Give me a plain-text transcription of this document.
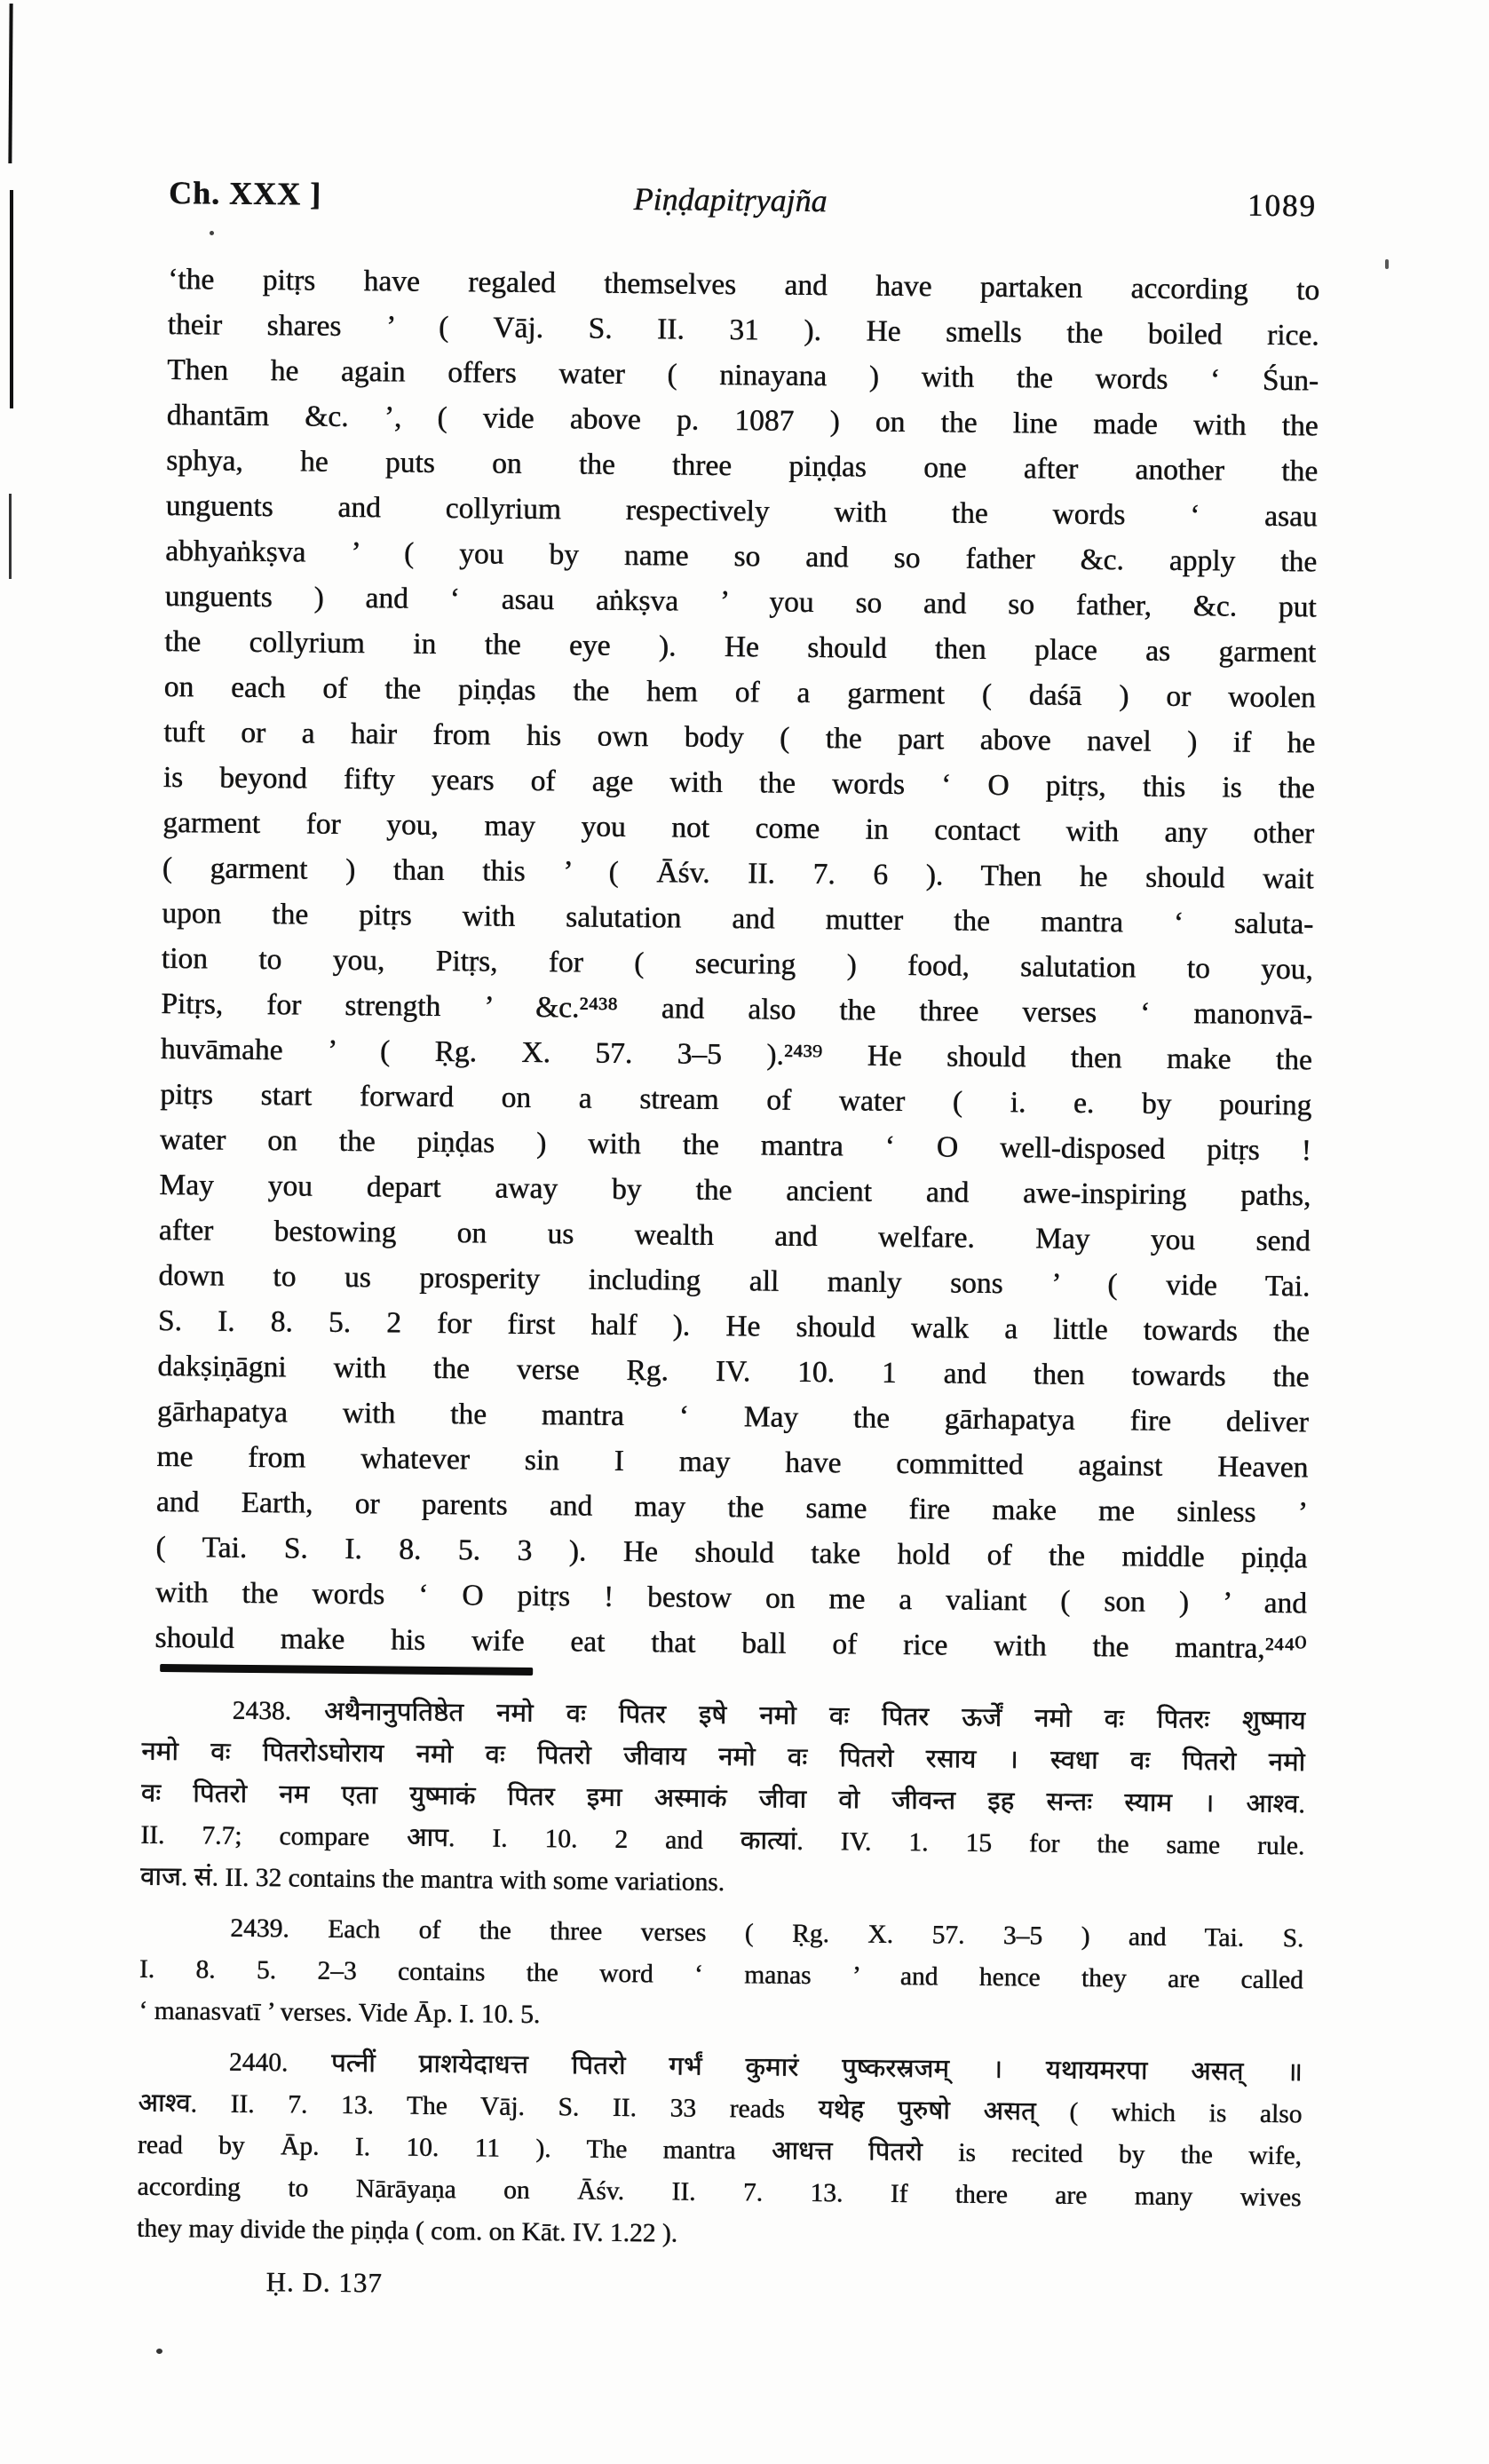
Ch. XXX ]	Piṇḍapitṛyajña	1089
‘the pitṛs have regaled themselves and have partaken according to
their shares ’ ( Vāj. S. II. 31 ). He smells the boiled rice.
Then he again offers water ( ninayana ) with the words ‘ Śun-
dhantām &c. ’, ( vide above p. 1087 ) on the line made with the
sphya, he puts on the three piṇḍas one after another the
unguents and collyrium respectively with the words ‘ asau
abhyaṅkṣva ’ ( you by name so and so father &c. apply the
unguents ) and ‘ asau aṅkṣva ’ you so and so father, &c. put
the collyrium in the eye ). He should then place as garment
on each of the piṇḍas the hem of a garment ( daśā ) or woolen
tuft or a hair from his own body ( the part above navel ) if he
is beyond fifty years of age with the words ‘ O pitṛs, this is the
garment for you, may you not come in contact with any other
( garment ) than this ’ ( Āśv. II. 7. 6 ). Then he should wait
upon the pitṛs with salutation and mutter the mantra ‘ saluta-
tion to you, Pitṛs, for ( securing ) food, salutation to you,
Pitṛs, for strength ’ &c.²⁴³⁸ and also the three verses ‘ manonvā-
huvāmahe ’ ( Ṛg. X. 57. 3–5 ).²⁴³⁹ He should then make the
pitṛs start forward on a stream of water ( i. e. by pouring
water on the piṇḍas ) with the mantra ‘ O well-disposed pitṛs !
May you depart away by the ancient and awe-inspiring paths,
after bestowing on us wealth and welfare. May you send
down to us prosperity including all manly sons ’ ( vide Tai.
S. I. 8. 5. 2 for first half ). He should walk a little towards the
dakṣiṇāgni with the verse Ṛg. IV. 10. 1 and then towards the
gārhapatya with the mantra ‘ May the gārhapatya fire deliver
me from whatever sin I may have committed against Heaven
and Earth, or parents and may the same fire make me sinless ’
( Tai. S. I. 8. 5. 3 ). He should take hold of the middle piṇḍa
with the words ‘ O pitṛs ! bestow on me a valiant ( son ) ’ and
should make his wife eat that ball of rice with the mantra,²⁴⁴⁰
2438. अथैनानुपतिष्ठेत नमो वः पितर इषे नमो वः पितर ऊर्जें नमो वः पितरः शुष्माय
नमो वः पितरोऽघोराय नमो वः पितरो जीवाय नमो वः पितरो रसाय । स्वधा वः पितरो नमो
वः पितरो नम एता युष्माकं पितर इमा अस्माकं जीवा वो जीवन्त इह सन्तः स्याम । आश्व.
II. 7.7; compare आप. I. 10. 2 and कात्यां. IV. 1. 15 for the same rule.
वाज. सं. II. 32 contains the mantra with some variations.
2439. Each of the three verses ( Ṛg. X. 57. 3–5 ) and Tai. S.
I. 8. 5. 2–3 contains the word ‘ manas ’ and hence they are called
‘ manasvatī ’ verses. Vide Āp. I. 10. 5.
2440. पत्नीं प्राशयेदाधत्त पितरो गर्भं कुमारं पुष्करस्रजम् । यथायमरपा असत् ॥
आश्व. II. 7. 13. The Vāj. S. II. 33 reads यथेह पुरुषो असत् ( which is also
read by Āp. I. 10. 11 ). The mantra आधत्त पितरो is recited by the wife,
according to Nārāyaṇa on Āśv. II. 7. 13. If there are many wives
they may divide the piṇḍa ( com. on Kāt. IV. 1.22 ).
Ḥ. D. 137
